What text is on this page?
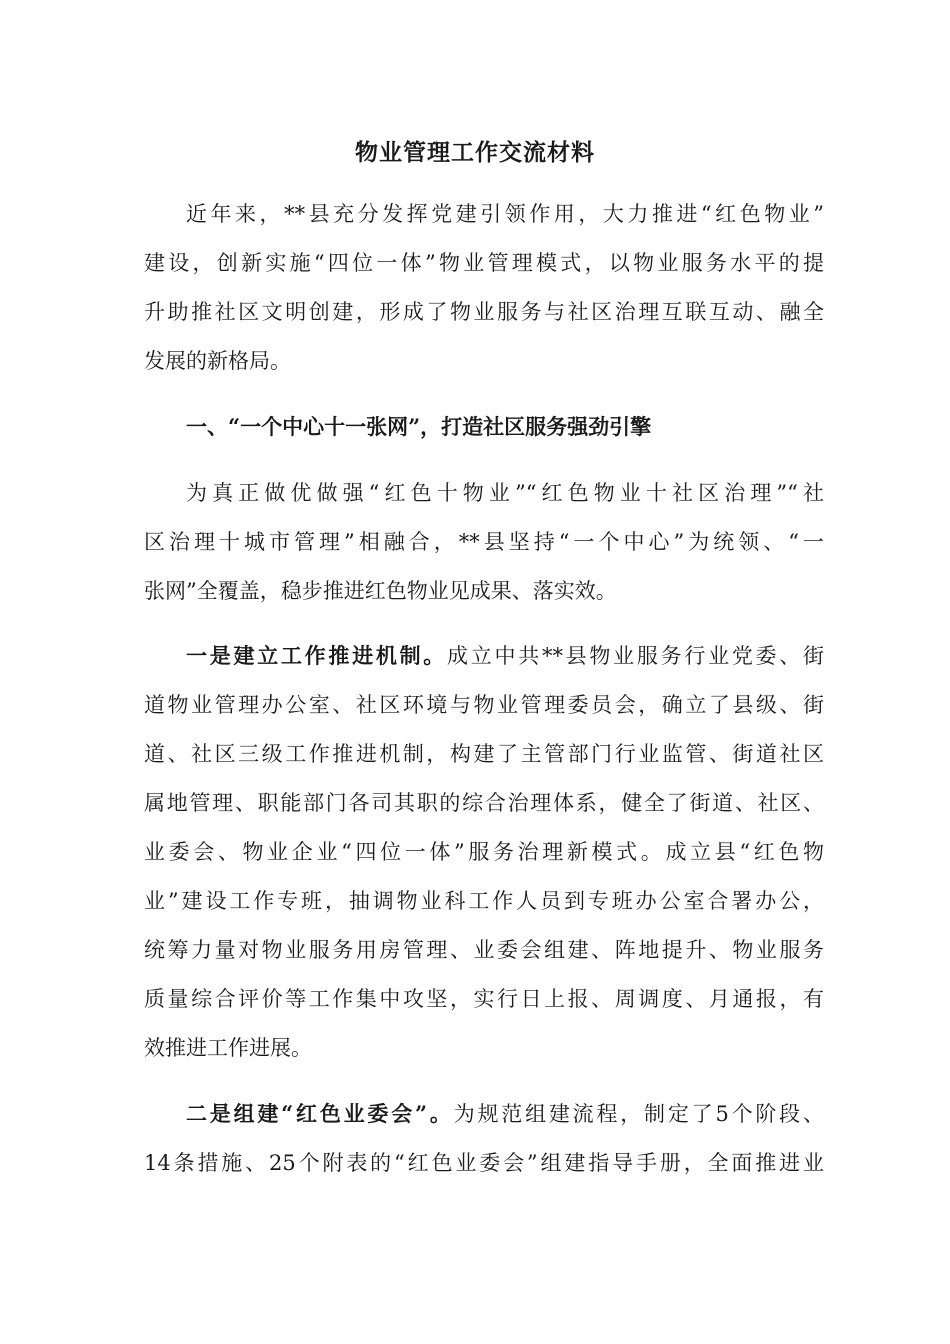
物业管理工作交流材料

近年来，**县充分发挥党建引领作用，大力推进“红色物业”

建设，创新实施“四位一体”物业管理模式，以物业服务水平的提

升助推社区文明创建，形成了物业服务与社区治理互联互动、融全

发展的新格局。

一、“一个中心十一张网”，打造社区服务强劲引擎

为真正做优做强“红色十物业”“红色物业十社区治理”“社

区治理十城市管理”相融合，**县坚持“一个中心”为统领、“一

张网”全覆盖，稳步推进红色物业见成果、落实效。

一是建立工作推进机制。成立中共**县物业服务行业党委、街

道物业管理办公室、社区环境与物业管理委员会，确立了县级、街

道、社区三级工作推进机制，构建了主管部门行业监管、街道社区

属地管理、职能部门各司其职的综合治理体系，健全了街道、社区、

业委会、物业企业“四位一体”服务治理新模式。成立县“红色物

业”建设工作专班，抽调物业科工作人员到专班办公室合署办公，

统筹力量对物业服务用房管理、业委会组建、阵地提升、物业服务

质量综合评价等工作集中攻坚，实行日上报、周调度、月通报，有

效推进工作进展。

二是组建“红色业委会”。为规范组建流程，制定了5个阶段、

14条措施、25个附表的“红色业委会”组建指导手册，全面推进业
